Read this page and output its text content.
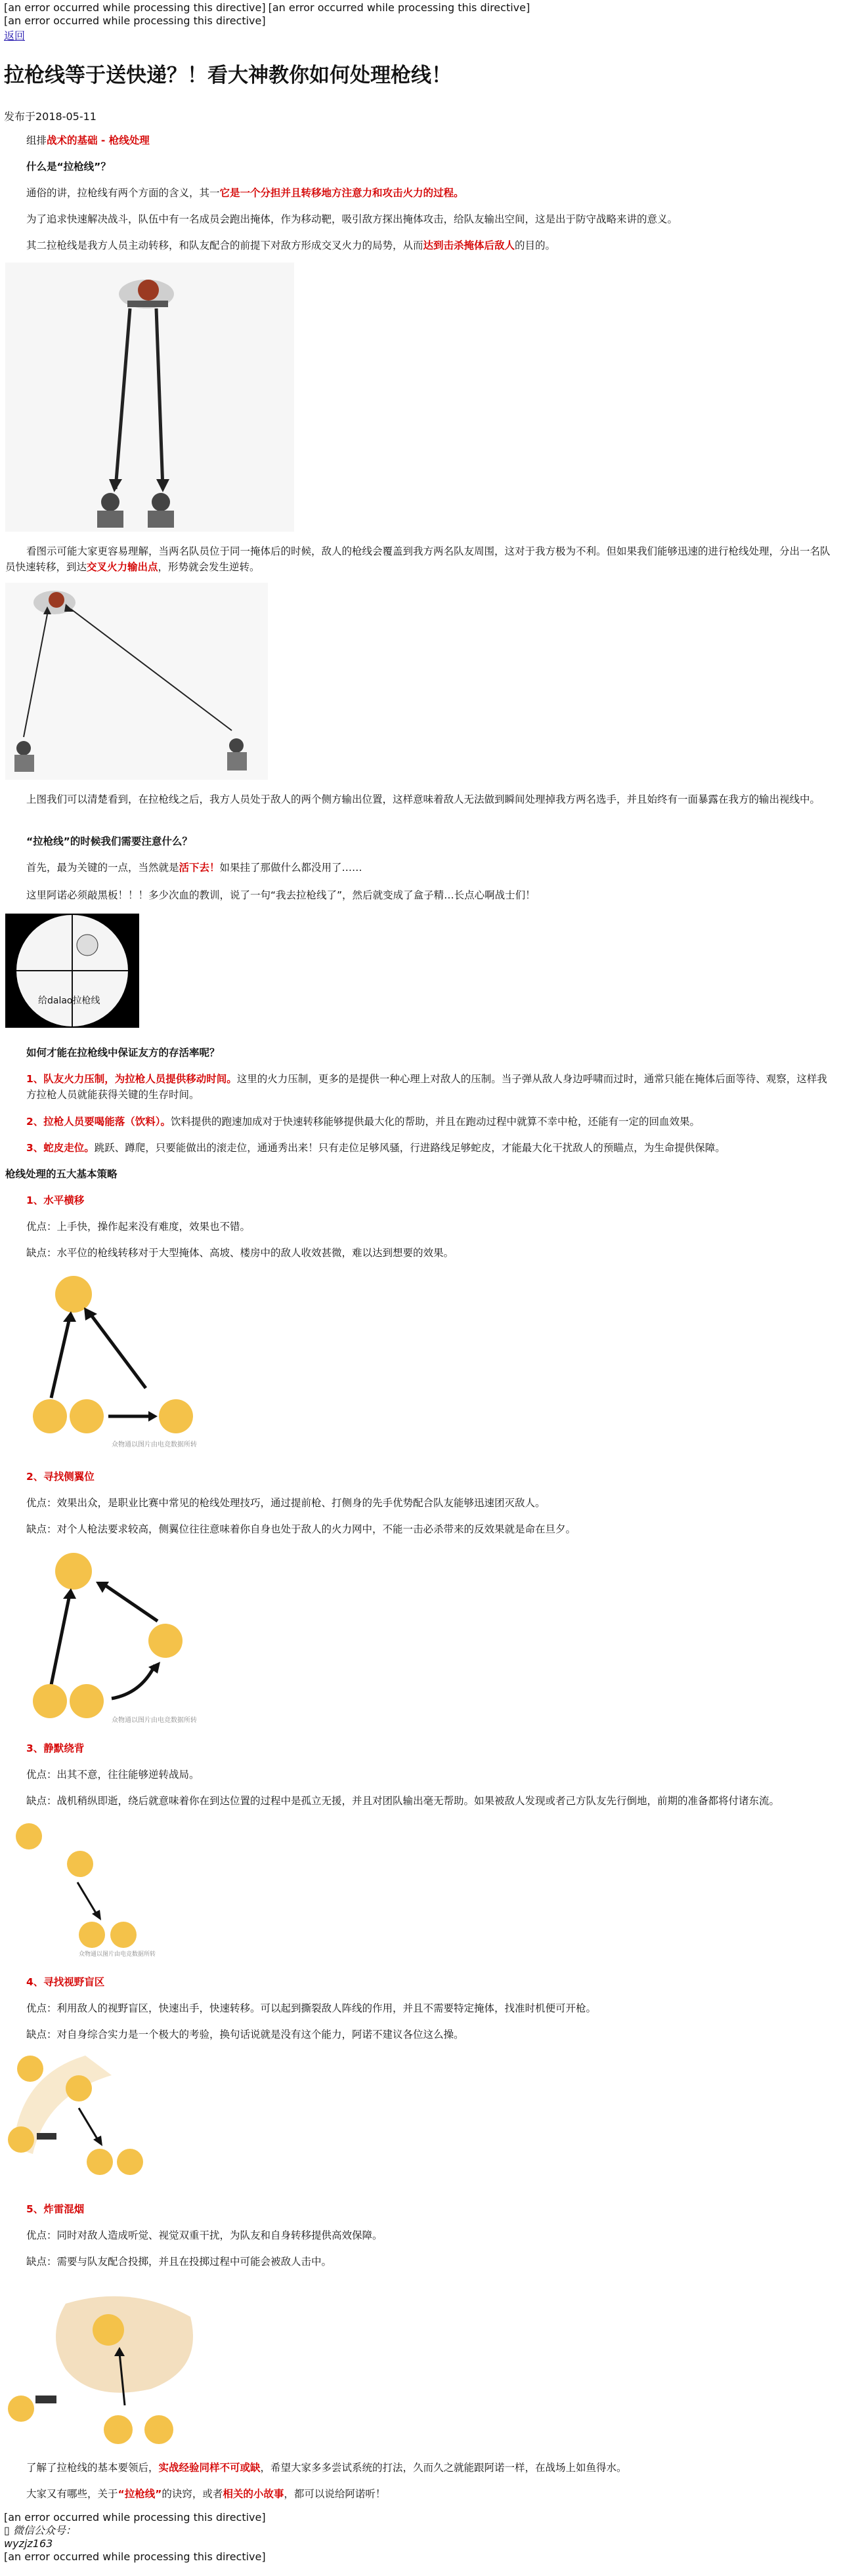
[an error occurred while processing this directive] [an error occurred while processing this directive]
[an error occurred while processing this directive]
返回
拉枪线等于送快递？！看大神教你如何处理枪线！
发布于2018-05-11

组排战术的基础 - 枪线处理

什么是“拉枪线”？

通俗的讲，拉枪线有两个方面的含义，其一它是一个分担并且转移地方注意力和攻击火力的过程。

为了追求快速解决战斗，队伍中有一名成员会跑出掩体，作为移动靶，吸引敌方探出掩体攻击，给队友输出空间，这是出于防守战略来讲的意义。

其二拉枪线是我方人员主动转移，和队友配合的前提下对敌方形成交叉火力的局势，从而达到击杀掩体后敌人的目的。

看图示可能大家更容易理解，当两名队员位于同一掩体后的时候，敌人的枪线会覆盖到我方两名队友周围，这对于我方极为不利。但如果我们能够迅速的进行枪线处理，分出一名队员快速转移，到达交叉火力输出点，形势就会发生逆转。

上图我们可以清楚看到，在拉枪线之后，我方人员处于敌人的两个侧方输出位置，这样意味着敌人无法做到瞬间处理掉我方两名选手，并且始终有一面暴露在我方的输出视线中。

“拉枪线”的时候我们需要注意什么？

首先，最为关键的一点，当然就是活下去！如果挂了那做什么都没用了……

这里阿诺必须敲黑板！！！多少次血的教训，说了一句“我去拉枪线了”，然后就变成了盒子精…长点心啊战士们！

给dalao拉枪线

如何才能在拉枪线中保证友方的存活率呢？

1、队友火力压制，为拉枪人员提供移动时间。这里的火力压制，更多的是提供一种心理上对敌人的压制。当子弹从敌人身边呼啸而过时，通常只能在掩体后面等待、观察，这样我方拉枪人员就能获得关键的生存时间。

2、拉枪人员要喝能落（饮料）。饮料提供的跑速加成对于快速转移能够提供最大化的帮助，并且在跑动过程中就算不幸中枪，还能有一定的回血效果。

3、蛇皮走位。跳跃、蹲爬，只要能做出的滚走位，通通秀出来！只有走位足够风骚，行进路线足够蛇皮，才能最大化干扰敌人的预瞄点，为生命提供保障。

枪线处理的五大基本策略

1、水平横移

优点：上手快，操作起来没有难度，效果也不错。

缺点：水平位的枪线转移对于大型掩体、高坡、楼房中的敌人收效甚微，难以达到想要的效果。

众物通以图片由电竞数据所转

2、寻找侧翼位

优点：效果出众，是职业比赛中常见的枪线处理技巧，通过提前枪、打侧身的先手优势配合队友能够迅速团灭敌人。

缺点：对个人枪法要求较高，侧翼位往往意味着你自身也处于敌人的火力网中，不能一击必杀带来的反效果就是命在旦夕。

众物通以图片由电竞数据所转

3、静默绕背

优点：出其不意，往往能够逆转战局。

缺点：战机稍纵即逝，绕后就意味着你在到达位置的过程中是孤立无援，并且对团队输出毫无帮助。如果被敌人发现或者己方队友先行倒地，前期的准备都将付诸东流。

众物通以图片由电竞数据所转

4、寻找视野盲区

优点：利用敌人的视野盲区，快速出手，快速转移。可以起到撕裂敌人阵线的作用，并且不需要特定掩体，找准时机便可开枪。

缺点：对自身综合实力是一个极大的考验，换句话说就是没有这个能力，阿诺不建议各位这么操。

5、炸雷混烟

优点：同时对敌人造成听觉、视觉双重干扰，为队友和自身转移提供高效保障。

缺点：需要与队友配合投掷，并且在投掷过程中可能会被敌人击中。

了解了拉枪线的基本要领后，实战经验同样不可或缺，希望大家多多尝试系统的打法，久而久之就能跟阿诺一样，在战场上如鱼得水。

大家又有哪些，关于“拉枪线”的诀窍，或者相关的小故事，都可以说给阿诺听！

[an error occurred while processing this directive]
▯ 微信公众号：
wyzjz163
[an error occurred while processing this directive]
